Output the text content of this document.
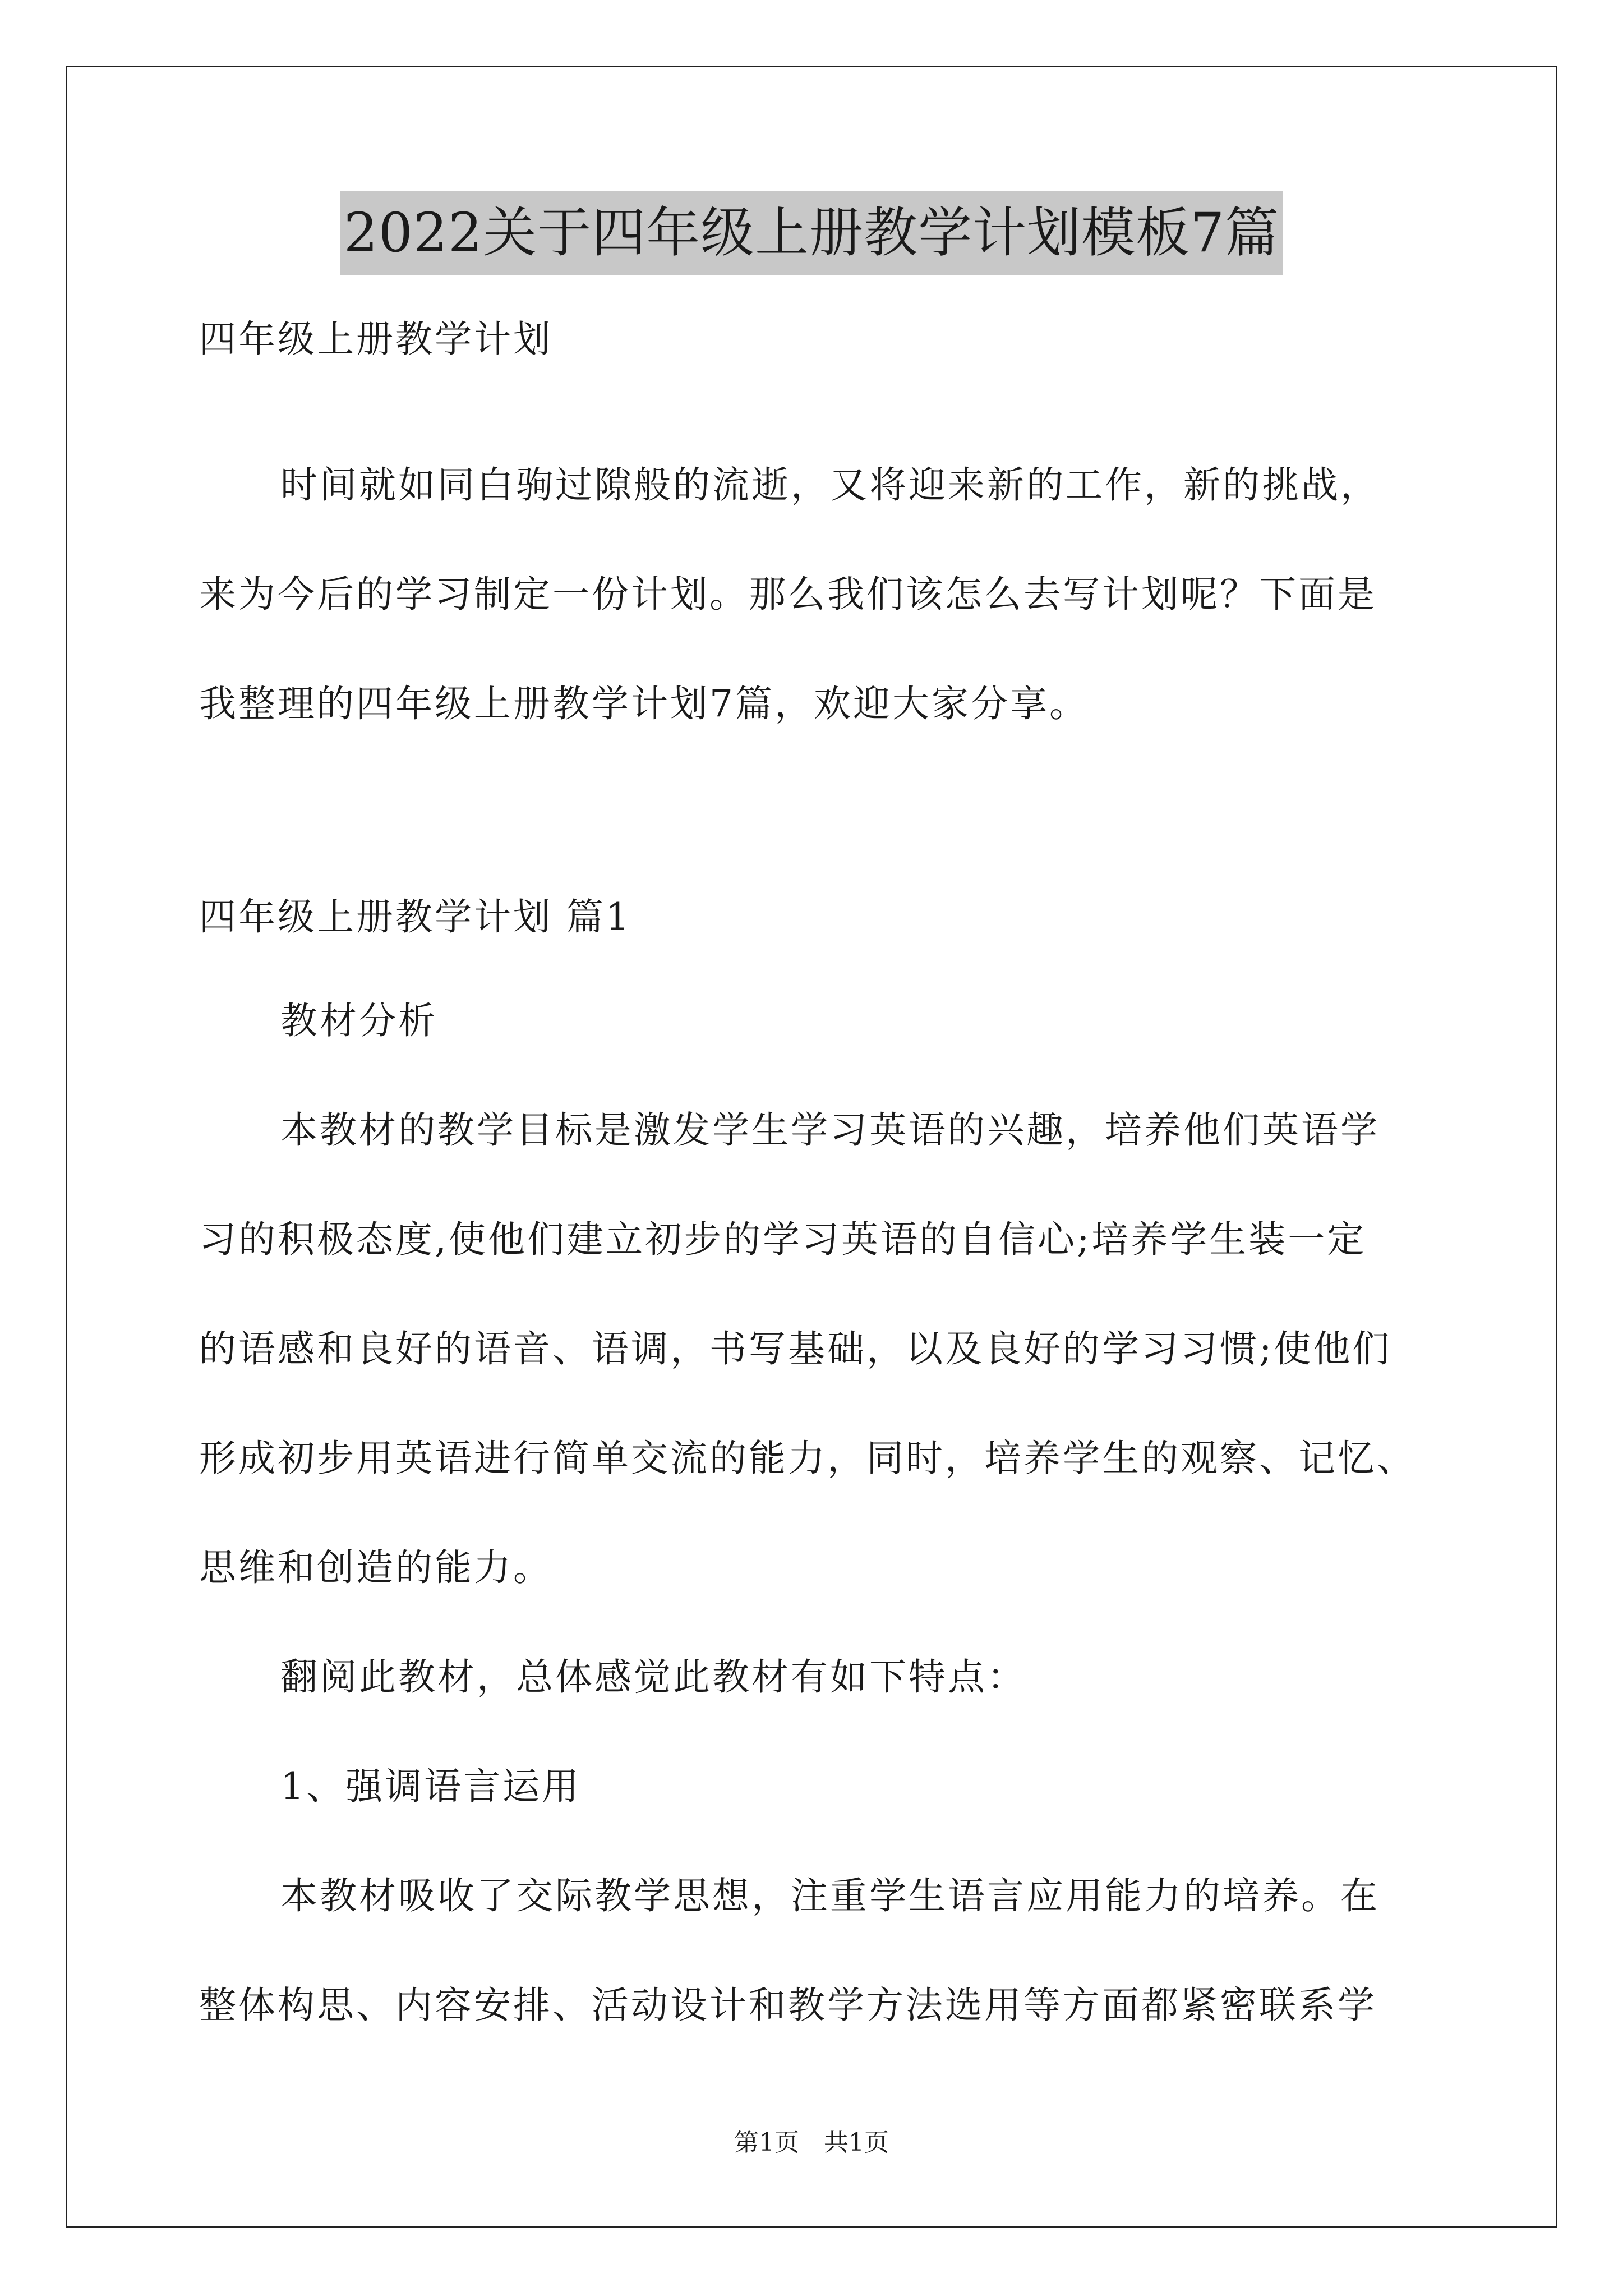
2022关于四年级上册教学计划模板7篇
四年级上册教学计划
时间就如同白驹过隙般的流逝，又将迎来新的工作，新的挑战，
来为今后的学习制定一份计划。那么我们该怎么去写计划呢？下面是
我整理的四年级上册教学计划7篇，欢迎大家分享。
四年级上册教学计划 篇1
教材分析
本教材的教学目标是激发学生学习英语的兴趣，培养他们英语学
习的积极态度,使他们建立初步的学习英语的自信心;培养学生装一定
的语感和良好的语音、语调，书写基础，以及良好的学习习惯;使他们
形成初步用英语进行简单交流的能力，同时，培养学生的观察、记忆、
思维和创造的能力。
翻阅此教材，总体感觉此教材有如下特点：
1、强调语言运用
本教材吸收了交际教学思想，注重学生语言应用能力的培养。在
整体构思、内容安排、活动设计和教学方法选用等方面都紧密联系学
第1页　共1页
